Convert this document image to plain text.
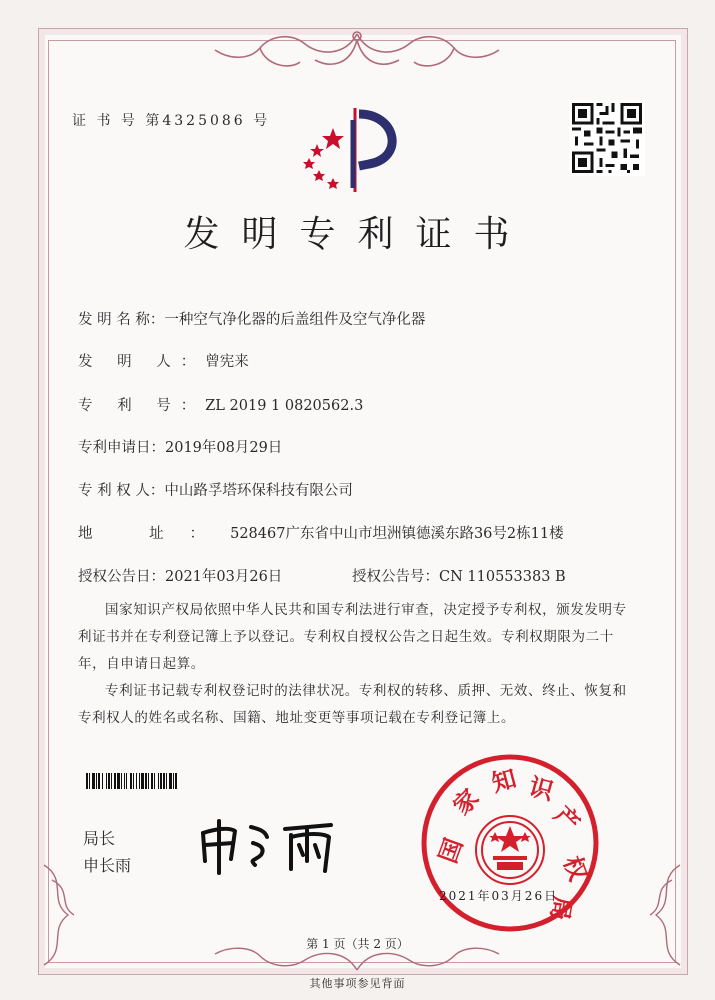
证 书 号 第4325086 号
发明专利证书
发 明 名 称：一种空气净化器的后盖组件及空气净化器
发 明 人：曾宪来
专 利 号：ZL 2019 1 0820562.3
专利申请日：2019年08月29日
专 利 权 人：中山路孚塔环保科技有限公司
地 址：528467广东省中山市坦洲镇德溪东路36号2栋11楼
授权公告日：2021年03月26日	授权公告号：CN 110553383 B

国家知识产权局依照中华人民共和国专利法进行审查，决定授予专利权，颁发发明专利证书并在专利登记簿上予以登记。专利权自授权公告之日起生效。专利权期限为二十年，自申请日起算。

专利证书记载专利权登记时的法律状况。专利权的转移、质押、无效、终止、恢复和专利权人的姓名或名称、国籍、地址变更等事项记载在专利登记簿上。

局长
申长雨	国
家
知 识
产
权
局
2021年03月26日
第 1 页（共 2 页）
其他事项参见背面
